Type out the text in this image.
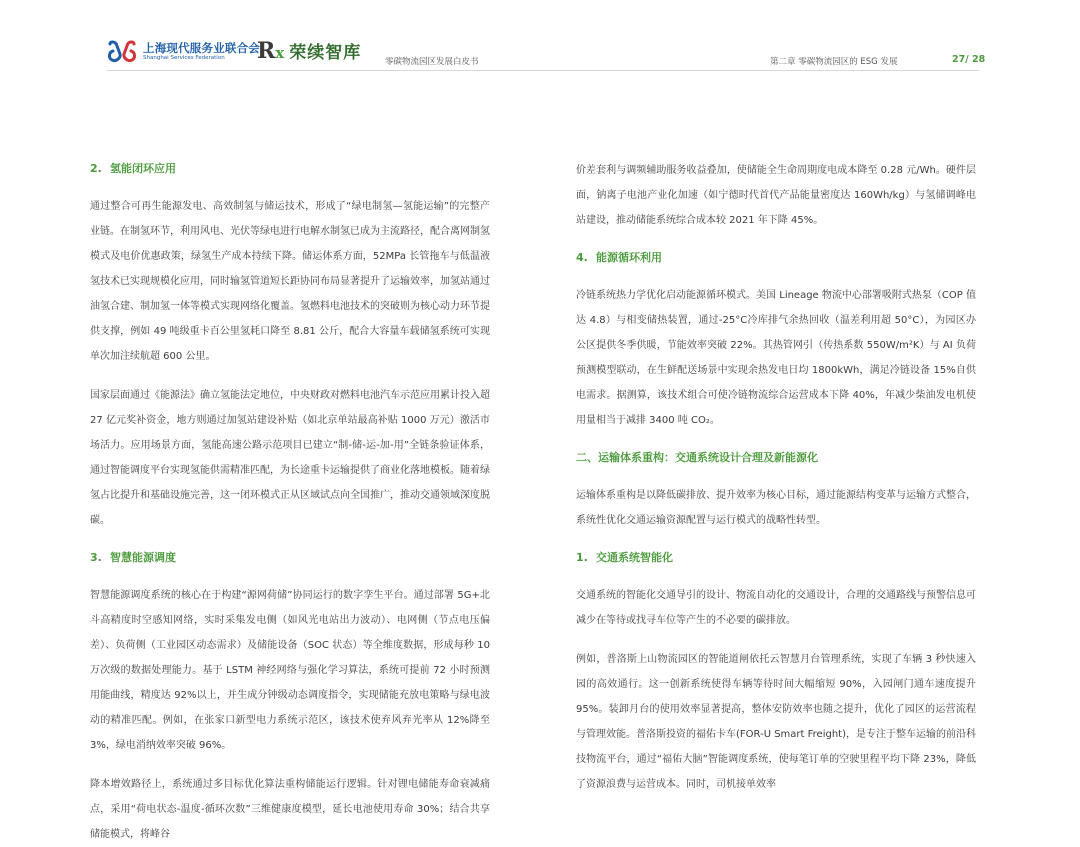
上海现代服务业联合会
Shanghai Services Federation	Rx 荣续智库	零碳物流园区发展白皮书	第二章 零碳物流园区的 ESG 发展	27/ 28

2. 氢能闭环应用

通过整合可再生能源发电、高效制氢与储运技术，形成了“绿电制氢—氢能运输”的完整产业链。在制氢环节，利用风电、光伏等绿电进行电解水制氢已成为主流路径，配合离网制氢模式及电价优惠政策，绿氢生产成本持续下降。储运体系方面，52MPa 长管拖车与低温液氢技术已实现规模化应用，同时输氢管道短长距协同布局显著提升了运输效率，加氢站通过油氢合建、制加氢一体等模式实现网络化覆盖。氢燃料电池技术的突破则为核心动力环节提供支撑，例如 49 吨级重卡百公里氢耗口降至 8.81 公斤，配合大容量车载储氢系统可实现单次加注续航超 600 公里。

国家层面通过《能源法》确立氢能法定地位，中央财政对燃料电池汽车示范应用累计投入超 27 亿元奖补资金，地方则通过加氢站建设补贴（如北京单站最高补贴 1000 万元）激活市场活力。应用场景方面，氢能高速公路示范项目已建立“制-储-运-加-用”全链条验证体系，通过智能调度平台实现氢能供需精准匹配，为长途重卡运输提供了商业化落地模板。随着绿氢占比提升和基础设施完善，这一闭环模式正从区域试点向全国推广，推动交通领域深度脱碳。

3. 智慧能源调度

智慧能源调度系统的核心在于构建“源网荷储”协同运行的数字孪生平台。通过部署 5G+北斗高精度时空感知网络，实时采集发电侧（如风光电站出力波动）、电网侧（节点电压偏差）、负荷侧（工业园区动态需求）及储能设备（SOC 状态）等全维度数据，形成每秒 10 万次级的数据处理能力。基于 LSTM 神经网络与强化学习算法，系统可提前 72 小时预测用能曲线，精度达 92%以上，并生成分钟级动态调度指令，实现储能充放电策略与绿电波动的精准匹配。例如，在张家口新型电力系统示范区，该技术使弃风弃光率从 12%降至 3%，绿电消纳效率突破 96%。

降本增效路径上，系统通过多目标优化算法重构储能运行逻辑。针对锂电储能寿命衰减痛点，采用“荷电状态-温度-循环次数”三维健康度模型，延长电池使用寿命 30%；结合共享储能模式，将峰谷

价差套利与调频辅助服务收益叠加，使储能全生命周期度电成本降至 0.28 元/Wh。硬件层面，钠离子电池产业化加速（如宁德时代首代产品能量密度达 160Wh/kg）与氢储调峰电站建设，推动储能系统综合成本较 2021 年下降 45%。

4. 能源循环利用

冷链系统热力学优化启动能源循环模式。美国 Lineage 物流中心部署吸附式热泵（COP 值达 4.8）与相变储热装置，通过-25°C冷库排气余热回收（温差利用超 50°C），为园区办公区提供冬季供暖，节能效率突破 22%。其热管网引（传热系数 550W/m²K）与 AI 负荷预测模型联动，在生鲜配送场景中实现余热发电日均 1800kWh，满足冷链设备 15%自供电需求。据测算，该技术组合可使冷链物流综合运营成本下降 40%，年减少柴油发电机使用量相当于减排 3400 吨 CO₂。

二、运输体系重构：交通系统设计合理及新能源化

运输体系重构是以降低碳排放、提升效率为核心目标，通过能源结构变革与运输方式整合，系统性优化交通运输资源配置与运行模式的战略性转型。

1. 交通系统智能化

交通系统的智能化交通导引的设计、物流自动化的交通设计，合理的交通路线与预警信息可减少在等待或找寻车位等产生的不必要的碳排放。

例如，普洛斯上山物流园区的智能道闸依托云智慧月台管理系统，实现了车辆 3 秒快速入园的高效通行。这一创新系统使得车辆等待时间大幅缩短 90%，入园闸门通车速度提升 95%。装卸月台的使用效率显著提高，整体安防效率也随之提升，优化了园区的运营流程与管理效能。普洛斯投资的福佑卡车(FOR-U Smart Freight)，是专注于整车运输的前沿科技物流平台，通过“福佑大脑”智能调度系统，使每笔订单的空驶里程平均下降 23%，降低了资源浪费与运营成本。同时，司机接单效率
